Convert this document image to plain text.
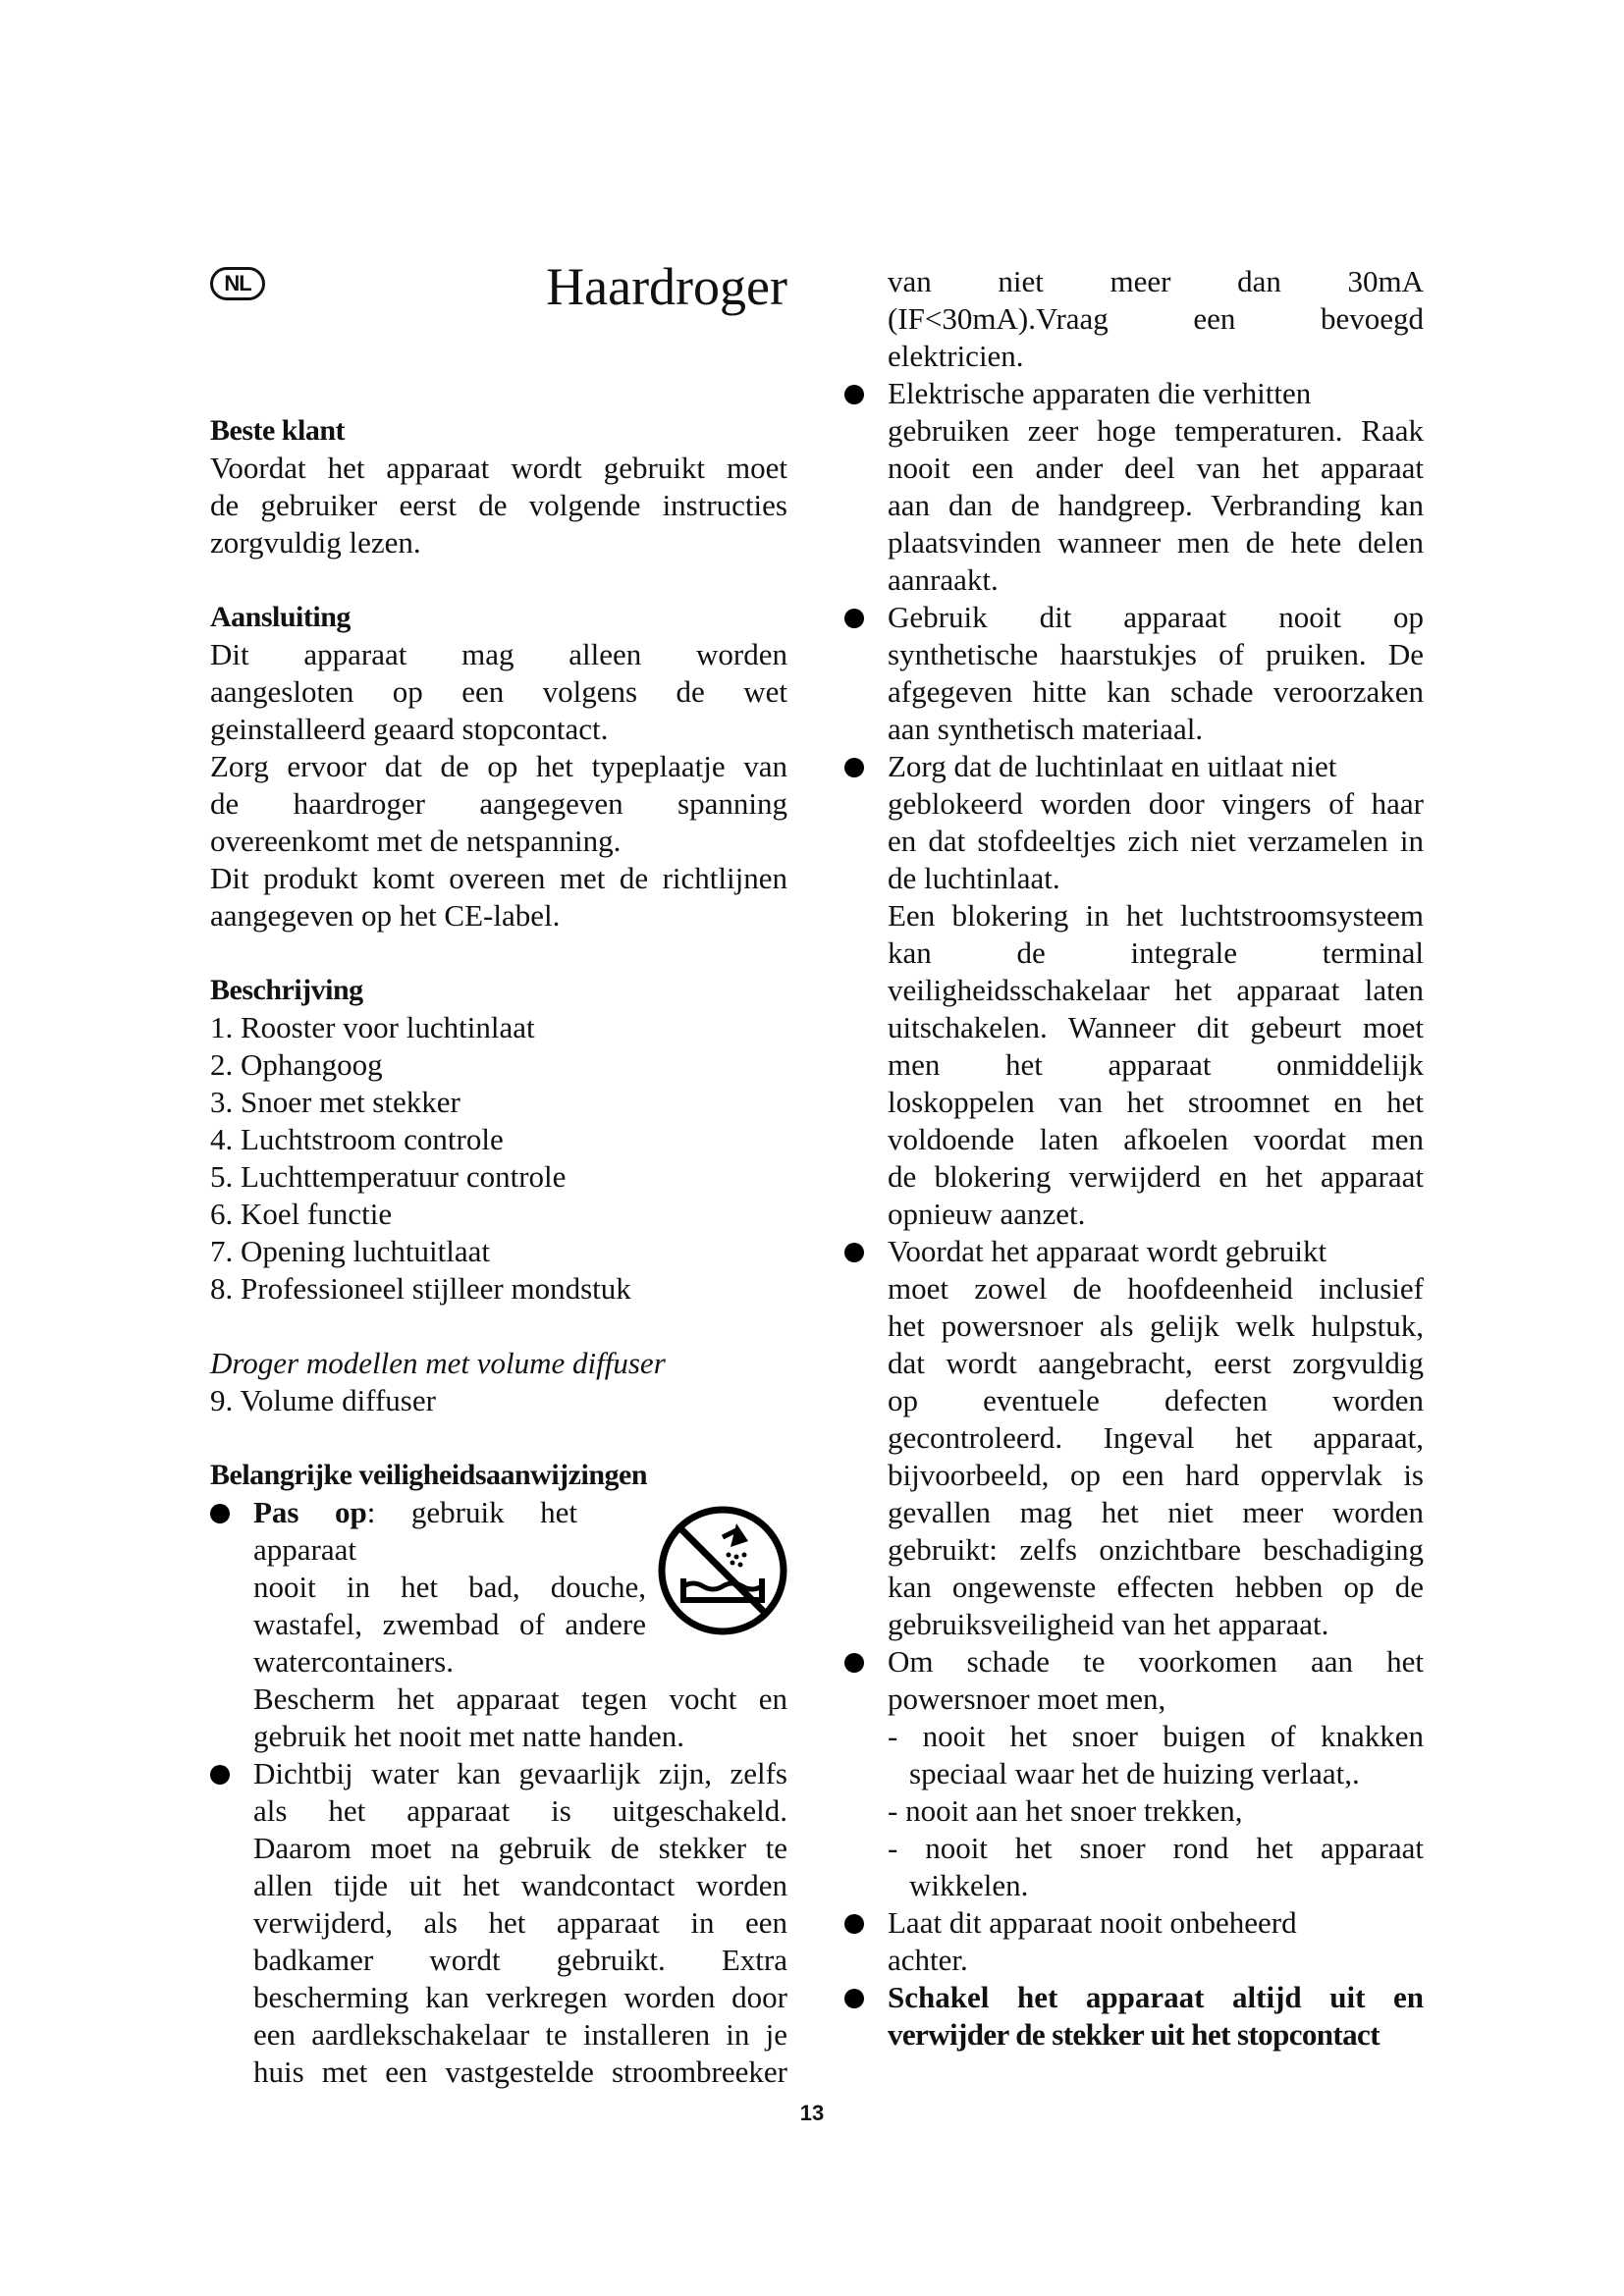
NL	Haardroger
Beste klant
Voordat het apparaat wordt gebruikt moet
de gebruiker eerst de volgende instructies
zorgvuldig lezen.
Aansluiting
Dit apparaat mag alleen worden
aangesloten op een volgens de wet
geinstalleerd geaard stopcontact.
Zorg ervoor dat de op het typeplaatje van
de haardroger aangegeven spanning
overeenkomt met de netspanning.
Dit produkt komt overeen met de richtlijnen
aangegeven op het CE-label.
Beschrijving
1. Rooster voor luchtinlaat
2. Ophangoog
3. Snoer met stekker
4. Luchtstroom controle
5. Luchttemperatuur controle
6. Koel functie
7. Opening luchtuitlaat
8. Professioneel stijlleer mondstuk
Droger modellen met volume diffuser
9. Volume diffuser
Belangrijke veiligheidsaanwijzingen
Pas op: gebruik het apparaat
nooit in het bad, douche,
wastafel, zwembad of andere
watercontainers.
Bescherm het apparaat tegen vocht en
gebruik het nooit met natte handen.
Dichtbij water kan gevaarlijk zijn, zelfs
als het apparaat is uitgeschakeld.
Daarom moet na gebruik de stekker te
allen tijde uit het wandcontact worden
verwijderd, als het apparaat in een
badkamer wordt gebruikt. Extra
bescherming kan verkregen worden door
een aardlekschakelaar te installeren in je
huis met een vastgestelde stroombreeker
van niet meer dan 30mA
(IF<30mA).Vraag een bevoegd
elektricien.
Elektrische apparaten die verhitten
gebruiken zeer hoge temperaturen. Raak
nooit een ander deel van het apparaat
aan dan de handgreep. Verbranding kan
plaatsvinden wanneer men de hete delen
aanraakt.
Gebruik dit apparaat nooit op
synthetische haarstukjes of pruiken. De
afgegeven hitte kan schade veroorzaken
aan synthetisch materiaal.
Zorg dat de luchtinlaat en uitlaat niet
geblokeerd worden door vingers of haar
en dat stofdeeltjes zich niet verzamelen in
de luchtinlaat.
Een blokering in het luchtstroomsysteem
kan de integrale terminal
veiligheidsschakelaar het apparaat laten
uitschakelen. Wanneer dit gebeurt moet
men het apparaat onmiddelijk
loskoppelen van het stroomnet en het
voldoende laten afkoelen voordat men
de blokering verwijderd en het apparaat
opnieuw aanzet.
Voordat het apparaat wordt gebruikt
moet zowel de hoofdeenheid inclusief
het powersnoer als gelijk welk hulpstuk,
dat wordt aangebracht, eerst zorgvuldig
op eventuele defecten worden
gecontroleerd. Ingeval het apparaat,
bijvoorbeeld, op een hard oppervlak is
gevallen mag het niet meer worden
gebruikt: zelfs onzichtbare beschadiging
kan ongewenste effecten hebben op de
gebruiksveiligheid van het apparaat.
Om schade te voorkomen aan het
powersnoer moet men,
- nooit het snoer buigen of knakken
speciaal waar het de huizing verlaat,.
- nooit aan het snoer trekken,
- nooit het snoer rond het apparaat
wikkelen.
Laat dit apparaat nooit onbeheerd
achter.
Schakel het apparaat altijd uit en
verwijder de stekker uit het stopcontact
13
